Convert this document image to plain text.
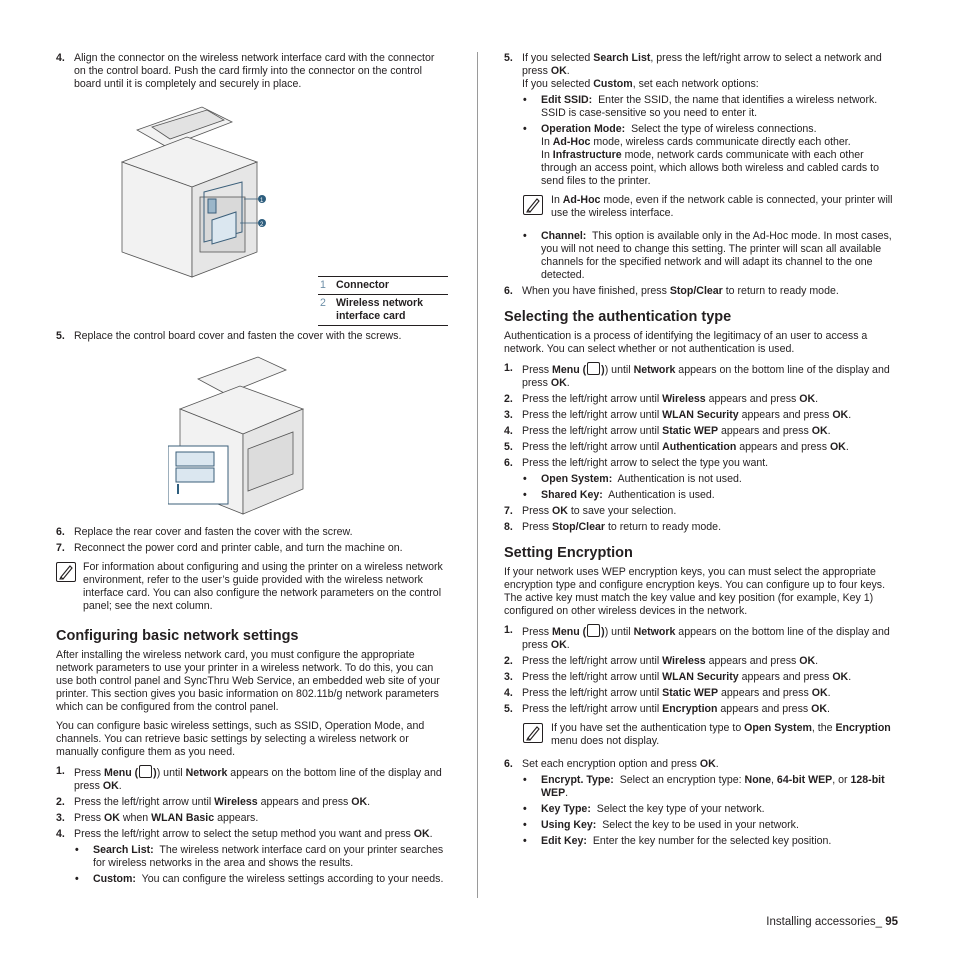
4. Align the connector on the wireless network interface card with the connector on the control board. Push the card firmly into the connector on the control board until it is completely and securely in place.
1
2
1	Connector
2	Wireless network interface card
5. Replace the control board cover and fasten the cover with the screws.
6. Replace the rear cover and fasten the cover with the screw.
7. Reconnect the power cord and printer cable, and turn the machine on.
For information about configuring and using the printer on a wireless network environment, refer to the user’s guide provided with the wireless network interface card. You can also configure the network parameters on the control panel; see the next column.
Configuring basic network settings

After installing the wireless network card, you must configure the appropriate network parameters to use your printer in a wireless network. To do this, you can use both control panel and SyncThru Web Service, an embedded web site of your printer. This section gives you basic information on 802.11b/g network parameters which can be configured from the control panel.

You can configure basic wireless settings, such as SSID, Operation Mode, and channels. You can retrieve basic settings by selecting a wireless network or manually configure them as you need.

1. Press Menu ( )) until Network appears on the bottom line of the display and press OK.
2. Press the left/right arrow until Wireless appears and press OK.
3. Press OK when WLAN Basic appears.
4. Press the left/right arrow to select the setup method you want and press OK.
• Search List: The wireless network interface card on your printer searches for wireless networks in the area and shows the results.
• Custom: You can configure the wireless settings according to your needs.
5. If you selected Search List, press the left/right arrow to select a network and press OK.
If you selected Custom, set each network options:
• Edit SSID: Enter the SSID, the name that identifies a wireless network. SSID is case-sensitive so you need to enter it.
• Operation Mode: Select the type of wireless connections.
In Ad-Hoc mode, wireless cards communicate directly each other.
In Infrastructure mode, network cards communicate with each other through an access point, which allows both wireless and cabled cards to send files to the printer.
In Ad-Hoc mode, even if the network cable is connected, your printer will use the wireless interface.
• Channel: This option is available only in the Ad-Hoc mode. In most cases, you will not need to change this setting. The printer will scan all available channels for the specified network and will adapt its channel to the one detected.
6. When you have finished, press Stop/Clear to return to ready mode.
Selecting the authentication type

Authentication is a process of identifying the legitimacy of an user to access a network. You can select whether or not authentication is used.

1. Press Menu ( )) until Network appears on the bottom line of the display and press OK.
2. Press the left/right arrow until Wireless appears and press OK.
3. Press the left/right arrow until WLAN Security appears and press OK.
4. Press the left/right arrow until Static WEP appears and press OK.
5. Press the left/right arrow until Authentication appears and press OK.
6. Press the left/right arrow to select the type you want.
• Open System: Authentication is not used.
• Shared Key: Authentication is used.
7. Press OK to save your selection.
8. Press Stop/Clear to return to ready mode.
Setting Encryption

If your network uses WEP encryption keys, you can must select the appropriate encryption type and configure encryption keys. You can configure up to four keys. The active key must match the key value and key position (for example, Key 1) configured on other wireless devices in the network.

1. Press Menu ( )) until Network appears on the bottom line of the display and press OK.
2. Press the left/right arrow until Wireless appears and press OK.
3. Press the left/right arrow until WLAN Security appears and press OK.
4. Press the left/right arrow until Static WEP appears and press OK.
5. Press the left/right arrow until Encryption appears and press OK.
If you have set the authentication type to Open System, the Encryption menu does not display.
6. Set each encryption option and press OK.
• Encrypt. Type: Select an encryption type: None, 64-bit WEP, or 128-bit WEP.
• Key Type: Select the key type of your network.
• Using Key: Select the key to be used in your network.
• Edit Key: Enter the key number for the selected key position.
Installing accessories_ 95
